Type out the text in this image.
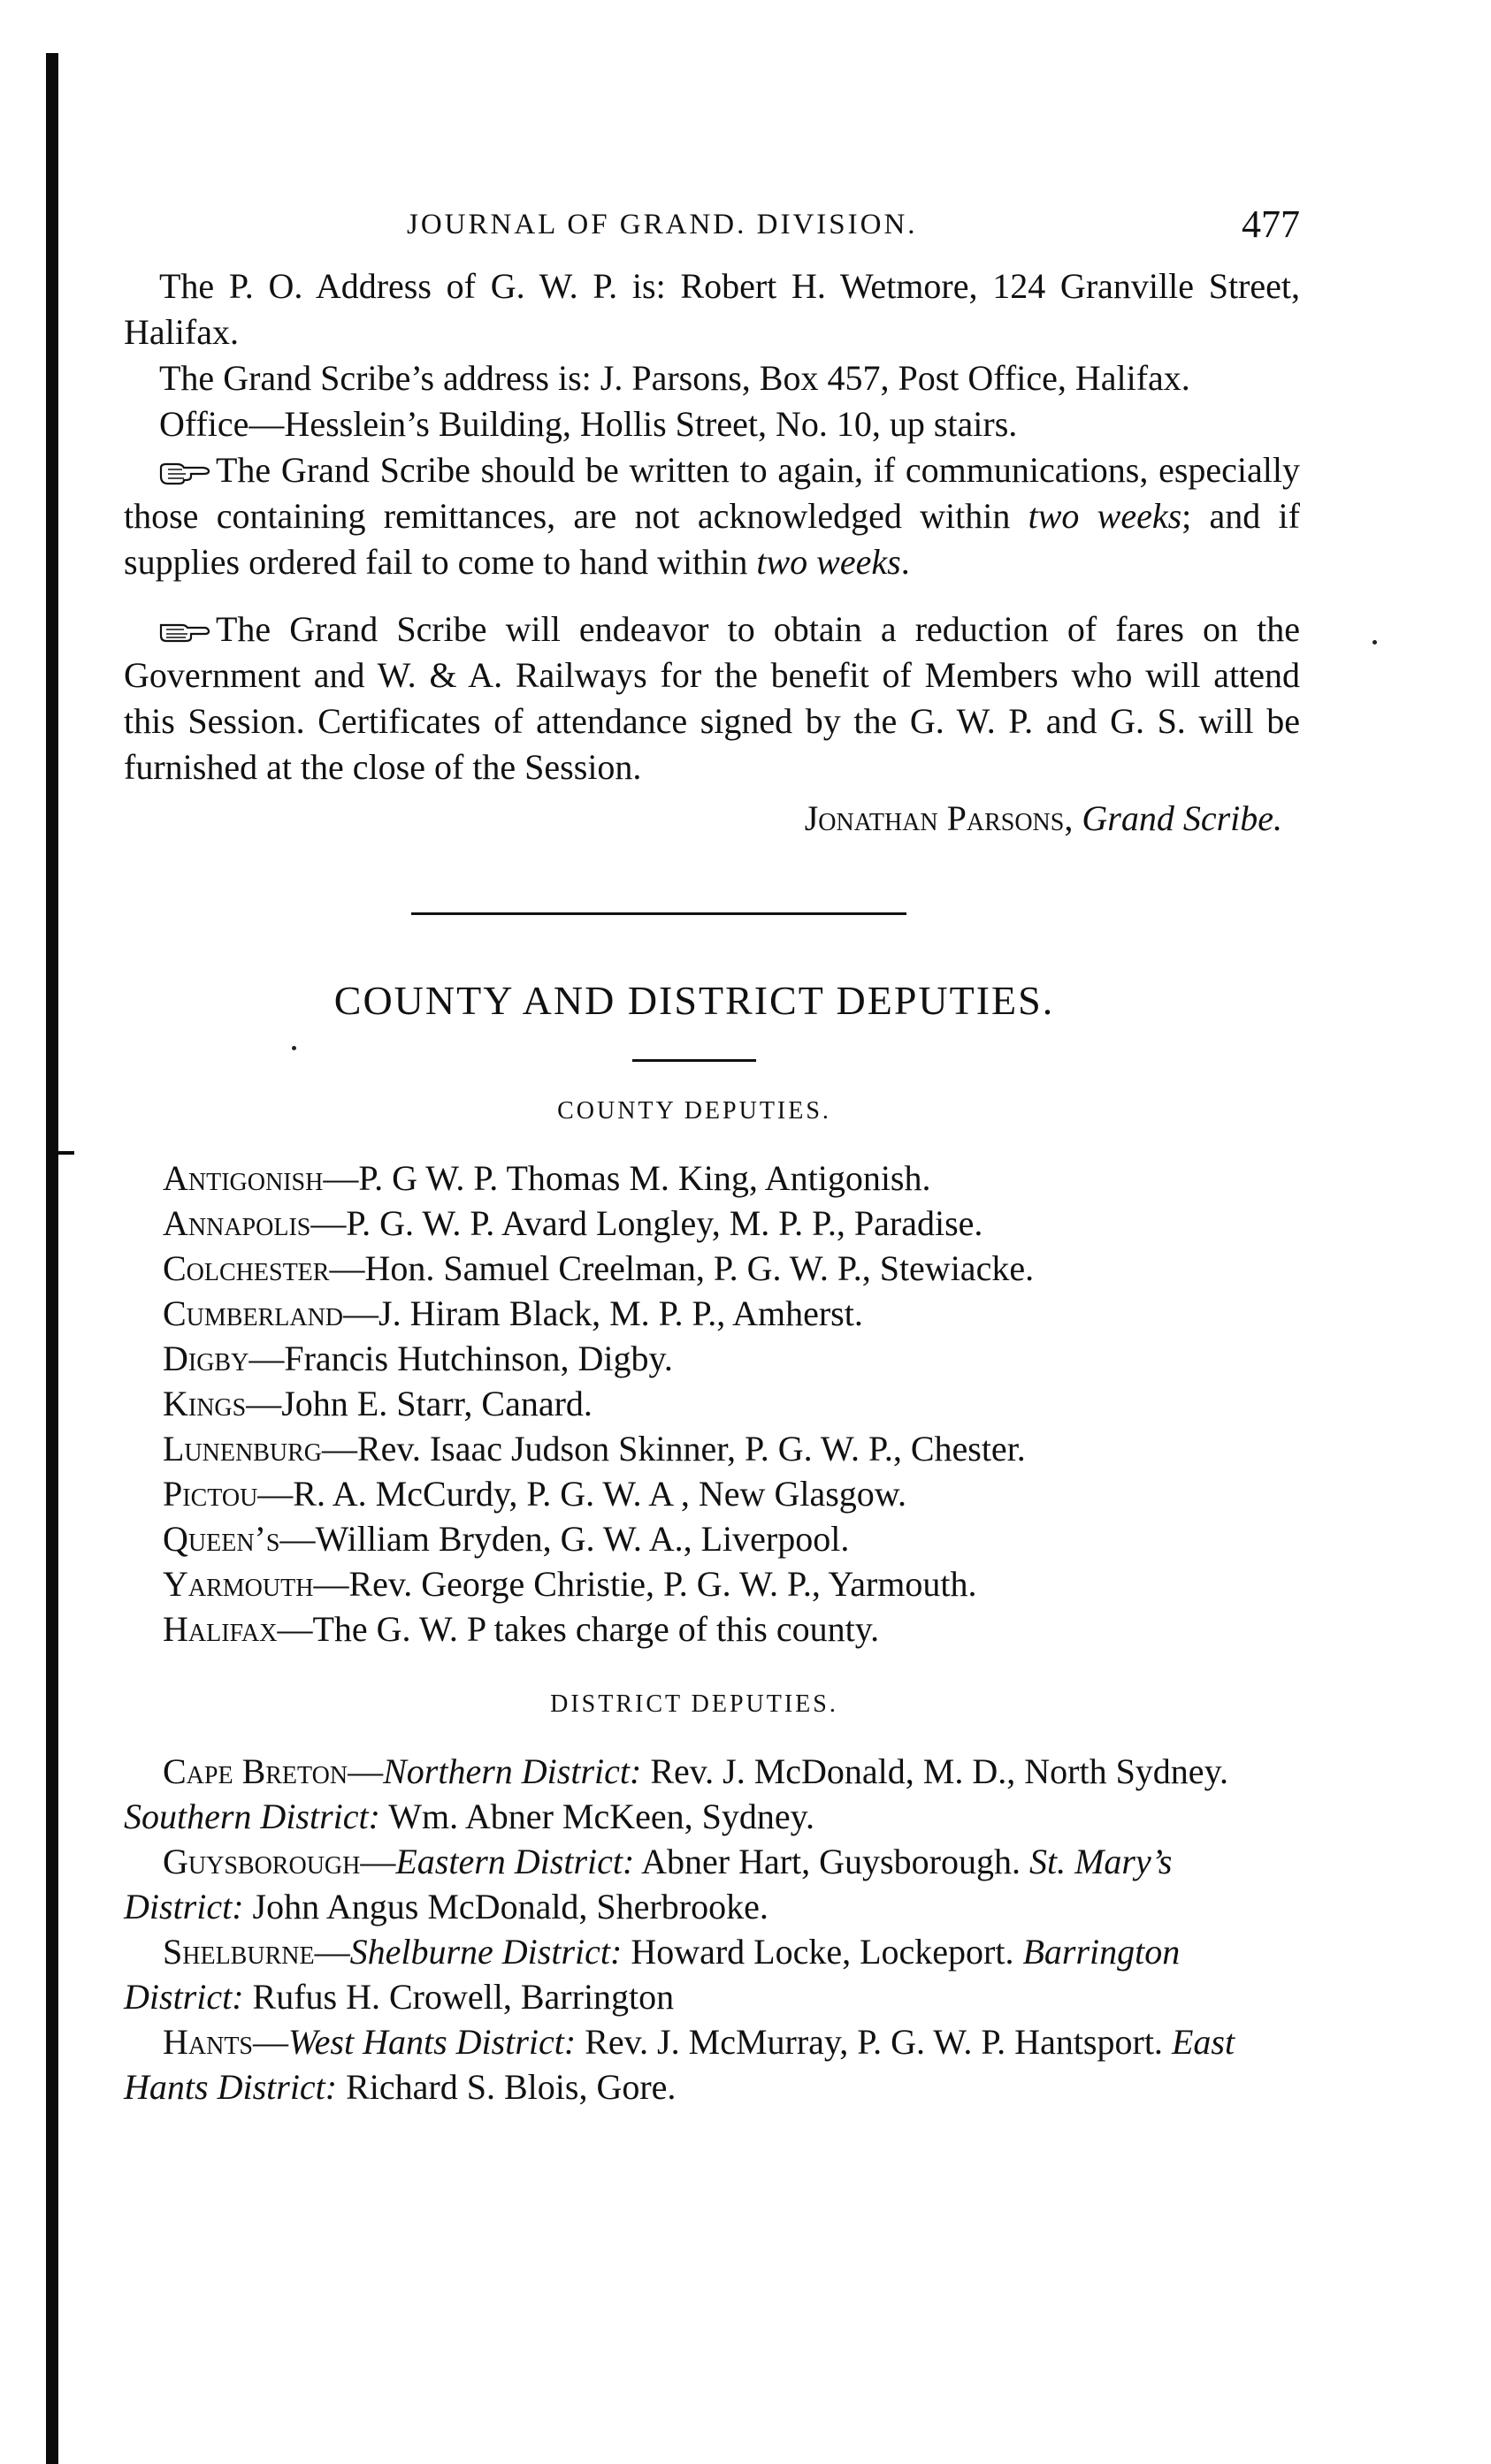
JOURNAL OF GRAND. DIVISION.	477

The P. O. Address of G. W. P. is: Robert H. Wetmore, 124 Granville Street, Halifax.

The Grand Scribe’s address is: J. Parsons, Box 457, Post Office, Halifax.

Office—Hesslein’s Building, Hollis Street, No. 10, up stairs.

The Grand Scribe should be written to again, if communications, especially those containing remittances, are not acknowledged within two weeks; and if supplies ordered fail to come to hand within two weeks.

The Grand Scribe will endeavor to obtain a reduction of fares on the Government and W. & A. Railways for the benefit of Members who will attend this Session. Certificates of attendance signed by the G. W. P. and G. S. will be furnished at the close of the Session.

Jonathan Parsons, Grand Scribe.

COUNTY AND DISTRICT DEPUTIES.
COUNTY DEPUTIES.
Antigonish—P. G W. P. Thomas M. King, Antigonish.
Annapolis—P. G. W. P. Avard Longley, M. P. P., Paradise.
Colchester—Hon. Samuel Creelman, P. G. W. P., Stewiacke.
Cumberland—J. Hiram Black, M. P. P., Amherst.
Digby—Francis Hutchinson, Digby.
Kings—John E. Starr, Canard.
Lunenburg—Rev. Isaac Judson Skinner, P. G. W. P., Chester.
Pictou—R. A. McCurdy, P. G. W. A , New Glasgow.
Queen’s—William Bryden, G. W. A., Liverpool.
Yarmouth—Rev. George Christie, P. G. W. P., Yarmouth.
Halifax—The G. W. P takes charge of this county.
DISTRICT DEPUTIES.

Cape Breton—Northern District: Rev. J. McDonald, M. D., North Sydney. Southern District: Wm. Abner McKeen, Sydney.

Guysborough—Eastern District: Abner Hart, Guysborough. St. Mary’s District: John Angus McDonald, Sherbrooke.

Shelburne—Shelburne District: Howard Locke, Lockeport. Barrington District: Rufus H. Crowell, Barrington

Hants—West Hants District: Rev. J. McMurray, P. G. W. P. Hantsport. East Hants District: Richard S. Blois, Gore.
